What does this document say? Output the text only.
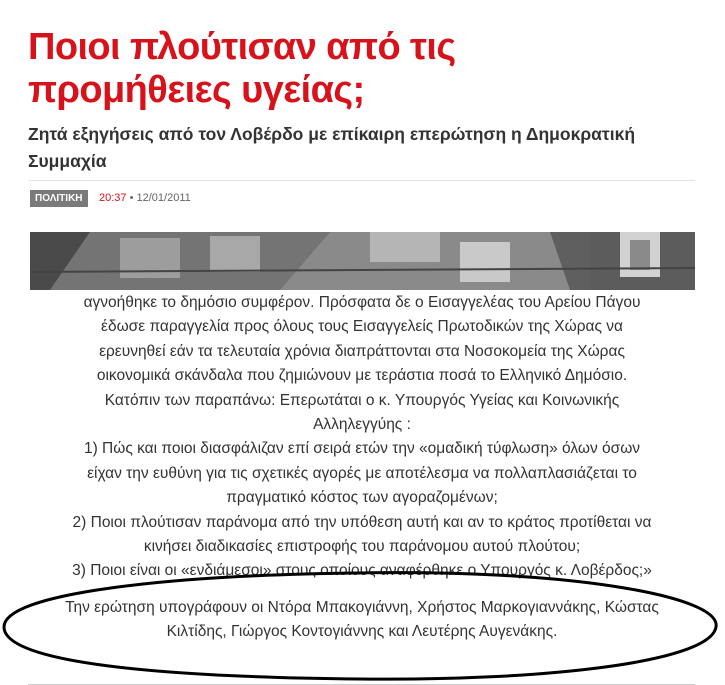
Ποιοι πλούτισαν από τις προμήθειες υγείας;
Ζητά εξηγήσεις από τον Λοβέρδο με επίκαιρη επερώτηση η Δημοκρατική Συμμαχία
ΠΟΛΙΤΙΚΗ	20:37 • 12/01/2011

αγνοήθηκε το δημόσιο συμφέρον. Πρόσφατα δε ο Εισαγγελέας του Αρείου Πάγου

έδωσε παραγγελία προς όλους τους Εισαγγελείς Πρωτοδικών της Χώρας να

ερευνηθεί εάν τα τελευταία χρόνια διαπράττονται στα Νοσοκομεία της Χώρας

οικονομικά σκάνδαλα που ζημιώνουν με τεράστια ποσά το Ελληνικό Δημόσιο.

Κατόπιν των παραπάνω: Επερωτάται ο κ. Υπουργός Υγείας και Κοινωνικής

Αλληλεγγύης :

1) Πώς και ποιοι διασφάλιζαν επί σειρά ετών την «ομαδική τύφλωση» όλων όσων

είχαν την ευθύνη για τις σχετικές αγορές με αποτέλεσμα να πολλαπλασιάζεται το

πραγματικό κόστος των αγοραζομένων;

2) Ποιοι πλούτισαν παράνομα από την υπόθεση αυτή και αν το κράτος προτίθεται να

κινήσει διαδικασίες επιστροφής του παράνομου αυτού πλούτου;

3) Ποιοι είναι οι «ενδιάμεσοι» στους οποίους αναφέρθηκε ο Υπουργός κ. Λοβέρδος;»

Την ερώτηση υπογράφουν οι Ντόρα Μπακογιάννη, Χρήστος Μαρκογιαννάκης, Κώστας

Κιλτίδης, Γιώργος Κοντογιάννης και Λευτέρης Αυγενάκης.
